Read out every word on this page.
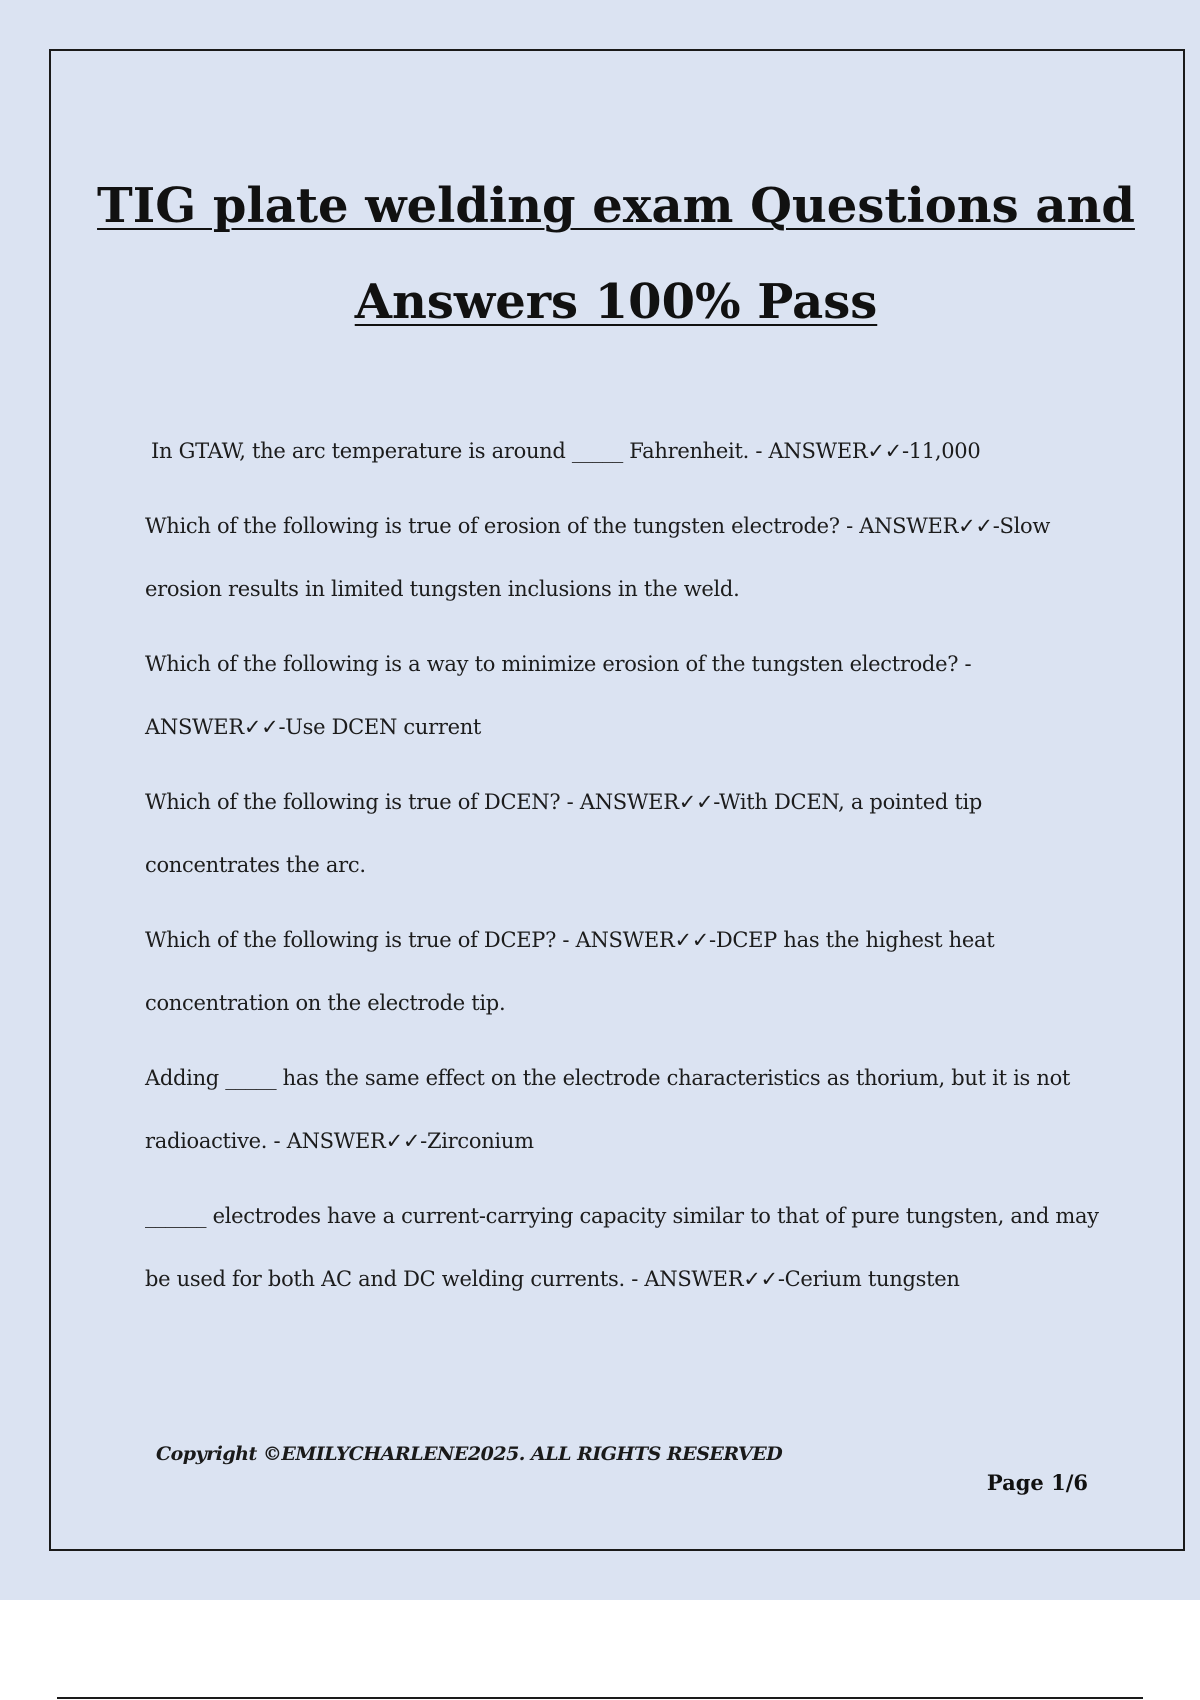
TIG plate welding exam Questions and
Answers 100% Pass

In GTAW, the arc temperature is around _____ Fahrenheit. - ANSWER✓✓-11,000

Which of the following is true of erosion of the tungsten electrode? - ANSWER✓✓-Slow erosion results in limited tungsten inclusions in the weld.

Which of the following is a way to minimize erosion of the tungsten electrode? - ANSWER✓✓-Use DCEN current

Which of the following is true of DCEN? - ANSWER✓✓-With DCEN, a pointed tip concentrates the arc.

Which of the following is true of DCEP? - ANSWER✓✓-DCEP has the highest heat concentration on the electrode tip.

Adding _____ has the same effect on the electrode characteristics as thorium, but it is not radioactive. - ANSWER✓✓-Zirconium

______ electrodes have a current-carrying capacity similar to that of pure tungsten, and may be used for both AC and DC welding currents. - ANSWER✓✓-Cerium tungsten

Copyright ©EMILYCHARLENE2025. ALL RIGHTS RESERVED
Page 1/6
